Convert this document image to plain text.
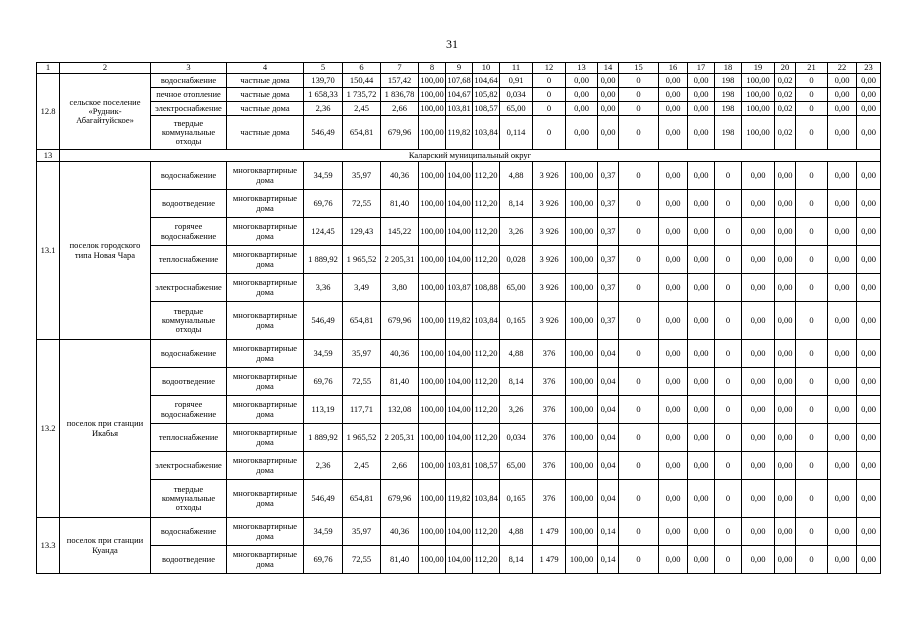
31
1	2	3	4	5	6	7	8	9	10	11	12	13	14	15	16	17	18	19	20	21	22	23
12.8	сельское поселение «Рудник-Абагайтуйское»	водоснабжение	частные дома	139,70	150,44	157,42	100,00	107,68	104,64	0,91	0	0,00	0,00	0	0,00	0,00	198	100,00	0,02	0	0,00	0,00
		печное отопление	частные дома	1 658,33	1 735,72	1 836,78	100,00	104,67	105,82	0,034	0	0,00	0,00	0	0,00	0,00	198	100,00	0,02	0	0,00	0,00
		электроснабжение	частные дома	2,36	2,45	2,66	100,00	103,81	108,57	65,00	0	0,00	0,00	0	0,00	0,00	198	100,00	0,02	0	0,00	0,00
		твердые коммунальные отходы	частные дома	546,49	654,81	679,96	100,00	119,82	103,84	0,114	0	0,00	0,00	0	0,00	0,00	198	100,00	0,02	0	0,00	0,00
13	Каларский муниципальный округ																					
13.1	поселок городского типа Новая Чара	водоснабжение	многоквартирные дома	34,59	35,97	40,36	100,00	104,00	112,20	4,88	3 926	100,00	0,37	0	0,00	0,00	0	0,00	0,00	0	0,00	0,00
		водоотведение	многоквартирные дома	69,76	72,55	81,40	100,00	104,00	112,20	8,14	3 926	100,00	0,37	0	0,00	0,00	0	0,00	0,00	0	0,00	0,00
		горячее водоснабжение	многоквартирные дома	124,45	129,43	145,22	100,00	104,00	112,20	3,26	3 926	100,00	0,37	0	0,00	0,00	0	0,00	0,00	0	0,00	0,00
		теплоснабжение	многоквартирные дома	1 889,92	1 965,52	2 205,31	100,00	104,00	112,20	0,028	3 926	100,00	0,37	0	0,00	0,00	0	0,00	0,00	0	0,00	0,00
		электроснабжение	многоквартирные дома	3,36	3,49	3,80	100,00	103,87	108,88	65,00	3 926	100,00	0,37	0	0,00	0,00	0	0,00	0,00	0	0,00	0,00
		твердые коммунальные отходы	многоквартирные дома	546,49	654,81	679,96	100,00	119,82	103,84	0,165	3 926	100,00	0,37	0	0,00	0,00	0	0,00	0,00	0	0,00	0,00
13.2	поселок при станции Икабья	водоснабжение	многоквартирные дома	34,59	35,97	40,36	100,00	104,00	112,20	4,88	376	100,00	0,04	0	0,00	0,00	0	0,00	0,00	0	0,00	0,00
		водоотведение	многоквартирные дома	69,76	72,55	81,40	100,00	104,00	112,20	8,14	376	100,00	0,04	0	0,00	0,00	0	0,00	0,00	0	0,00	0,00
		горячее водоснабжение	многоквартирные дома	113,19	117,71	132,08	100,00	104,00	112,20	3,26	376	100,00	0,04	0	0,00	0,00	0	0,00	0,00	0	0,00	0,00
		теплоснабжение	многоквартирные дома	1 889,92	1 965,52	2 205,31	100,00	104,00	112,20	0,034	376	100,00	0,04	0	0,00	0,00	0	0,00	0,00	0	0,00	0,00
		электроснабжение	многоквартирные дома	2,36	2,45	2,66	100,00	103,81	108,57	65,00	376	100,00	0,04	0	0,00	0,00	0	0,00	0,00	0	0,00	0,00
		твердые коммунальные отходы	многоквартирные дома	546,49	654,81	679,96	100,00	119,82	103,84	0,165	376	100,00	0,04	0	0,00	0,00	0	0,00	0,00	0	0,00	0,00
13.3	поселок при станции Куанда	водоснабжение	многоквартирные дома	34,59	35,97	40,36	100,00	104,00	112,20	4,88	1 479	100,00	0,14	0	0,00	0,00	0	0,00	0,00	0	0,00	0,00
		водоотведение	многоквартирные дома	69,76	72,55	81,40	100,00	104,00	112,20	8,14	1 479	100,00	0,14	0	0,00	0,00	0	0,00	0,00	0	0,00	0,00
